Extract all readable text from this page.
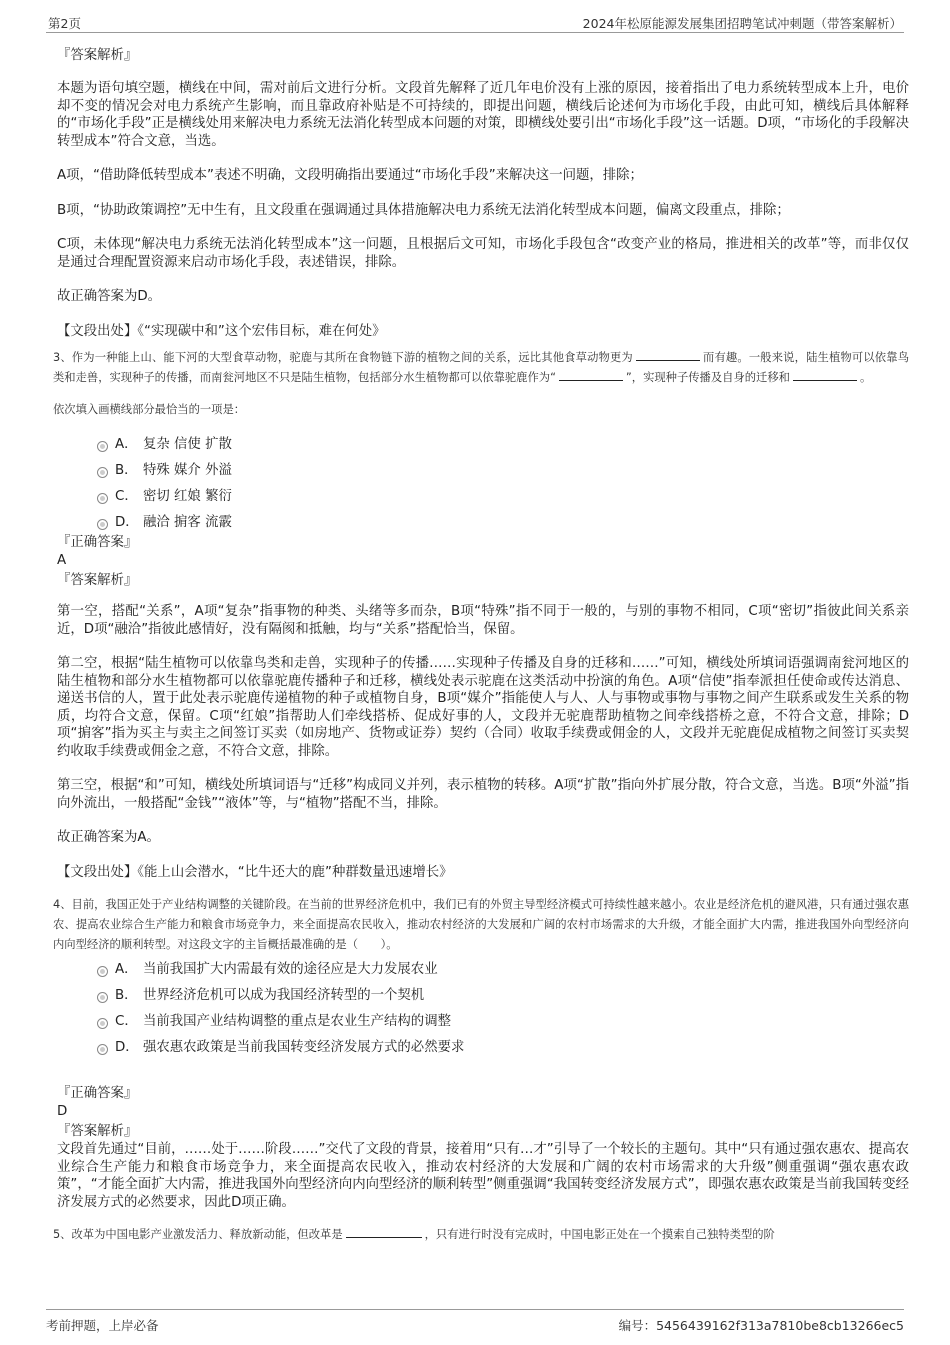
第2页	2024年松原能源发展集团招聘笔试冲刺题（带答案解析）

『答案解析』

本题为语句填空题，横线在中间，需对前后文进行分析。文段首先解释了近几年电价没有上涨的原因，接着指出了电力系统转型成本上升，电价却不变的情况会对电力系统产生影响，而且靠政府补贴是不可持续的，即提出问题，横线后论述何为市场化手段，由此可知，横线后具体解释的“市场化手段”正是横线处用来解决电力系统无法消化转型成本问题的对策，即横线处要引出“市场化手段”这一话题。D项，“市场化的手段解决转型成本”符合文意，当选。

A项，“借助降低转型成本”表述不明确，文段明确指出要通过“市场化手段”来解决这一问题，排除；

B项，“协助政策调控”无中生有，且文段重在强调通过具体措施解决电力系统无法消化转型成本问题，偏离文段重点，排除；

C项，未体现“解决电力系统无法消化转型成本”这一问题，且根据后文可知，市场化手段包含“改变产业的格局，推进相关的改革”等，而非仅仅是通过合理配置资源来启动市场化手段，表述错误，排除。

故正确答案为D。

【文段出处】《“实现碳中和”这个宏伟目标，难在何处》

3、作为一种能上山、能下河的大型食草动物，驼鹿与其所在食物链下游的植物之间的关系，远比其他食草动物更为	而有趣。一般来说，陆生植物可以依靠鸟类和走兽，实现种子的传播，而南瓮河地区不只是陆生植物，包括部分水生植物都可以依靠驼鹿作为“	”，实现种子传播及自身的迁移和	。

依次填入画横线部分最恰当的一项是：

A． 复杂 信使 扩散
B． 特殊 媒介 外溢
C． 密切 红娘 繁衍
D． 融洽 掮客 流霰

『正确答案』

A

『答案解析』

第一空，搭配“关系”，A项“复杂”指事物的种类、头绪等多而杂，B项“特殊”指不同于一般的，与别的事物不相同，C项“密切”指彼此间关系亲近，D项“融洽”指彼此感情好，没有隔阂和抵触，均与“关系”搭配恰当，保留。

第二空，根据“陆生植物可以依靠鸟类和走兽，实现种子的传播……实现种子传播及自身的迁移和……”可知，横线处所填词语强调南瓮河地区的陆生植物和部分水生植物都可以依靠驼鹿传播种子和迁移，横线处表示驼鹿在这类活动中扮演的角色。A项“信使”指奉派担任使命或传达消息、递送书信的人，置于此处表示驼鹿传递植物的种子或植物自身，B项“媒介”指能使人与人、人与事物或事物与事物之间产生联系或发生关系的物质，均符合文意，保留。C项“红娘”指帮助人们牵线搭桥、促成好事的人，文段并无驼鹿帮助植物之间牵线搭桥之意，不符合文意，排除；D项“掮客”指为买主与卖主之间签订买卖（如房地产、货物或证券）契约（合同）收取手续费或佣金的人，文段并无驼鹿促成植物之间签订买卖契约收取手续费或佣金之意，不符合文意，排除。

第三空，根据“和”可知，横线处所填词语与“迁移”构成同义并列，表示植物的转移。A项“扩散”指向外扩展分散，符合文意，当选。B项“外溢”指向外流出，一般搭配“金钱”“液体”等，与“植物”搭配不当，排除。

故正确答案为A。

【文段出处】《能上山会潜水，“比牛还大的鹿”种群数量迅速增长》

4、目前，我国正处于产业结构调整的关键阶段。在当前的世界经济危机中，我们已有的外贸主导型经济模式可持续性越来越小。农业是经济危机的避风港，只有通过强农惠农、提高农业综合生产能力和粮食市场竞争力，来全面提高农民收入，推动农村经济的大发展和广阔的农村市场需求的大升级，才能全面扩大内需，推进我国外向型经济向内向型经济的顺利转型。对这段文字的主旨概括最准确的是（　　）。

A． 当前我国扩大内需最有效的途径应是大力发展农业
B． 世界经济危机可以成为我国经济转型的一个契机
C． 当前我国产业结构调整的重点是农业生产结构的调整
D． 强农惠农政策是当前我国转变经济发展方式的必然要求

『正确答案』

D

『答案解析』

文段首先通过“目前，……处于……阶段……”交代了文段的背景，接着用“只有…才”引导了一个较长的主题句。其中“只有通过强农惠农、提高农业综合生产能力和粮食市场竞争力，来全面提高农民收入，推动农村经济的大发展和广阔的农村市场需求的大升级”侧重强调“强农惠农政策”，“才能全面扩大内需，推进我国外向型经济向内向型经济的顺利转型”侧重强调“我国转变经济发展方式”，即强农惠农政策是当前我国转变经济发展方式的必然要求，因此D项正确。

5、改革为中国电影产业激发活力、释放新动能，但改革是	，只有进行时没有完成时，中国电影正处在一个摸索自己独特类型的阶

考前押题，上岸必备	编号：5456439162f313a7810be8cb13266ec5
